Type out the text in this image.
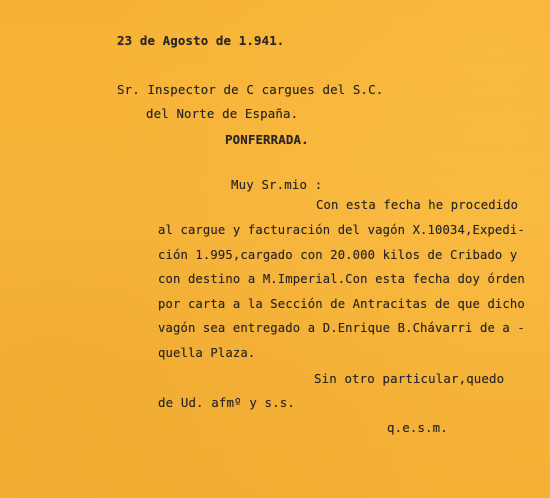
23 de Agosto de 1.941.

Sr. Inspector de C cargues del S.C.

del Norte de España.

PONFERRADA.

Muy Sr.mio :

Con esta fecha he procedido

al cargue y facturación del vagón X.10034,Expedi-

ción 1.995,cargado con 20.000 kilos de Cribado y

con destino a M.Imperial.Con esta fecha doy órden

por carta a la Sección de Antracitas de que dicho

vagón sea entregado a D.Enrique B.Chávarri de a -

quella Plaza.

Sin otro particular,quedo

de Ud. afmº y s.s.

q.e.s.m.
